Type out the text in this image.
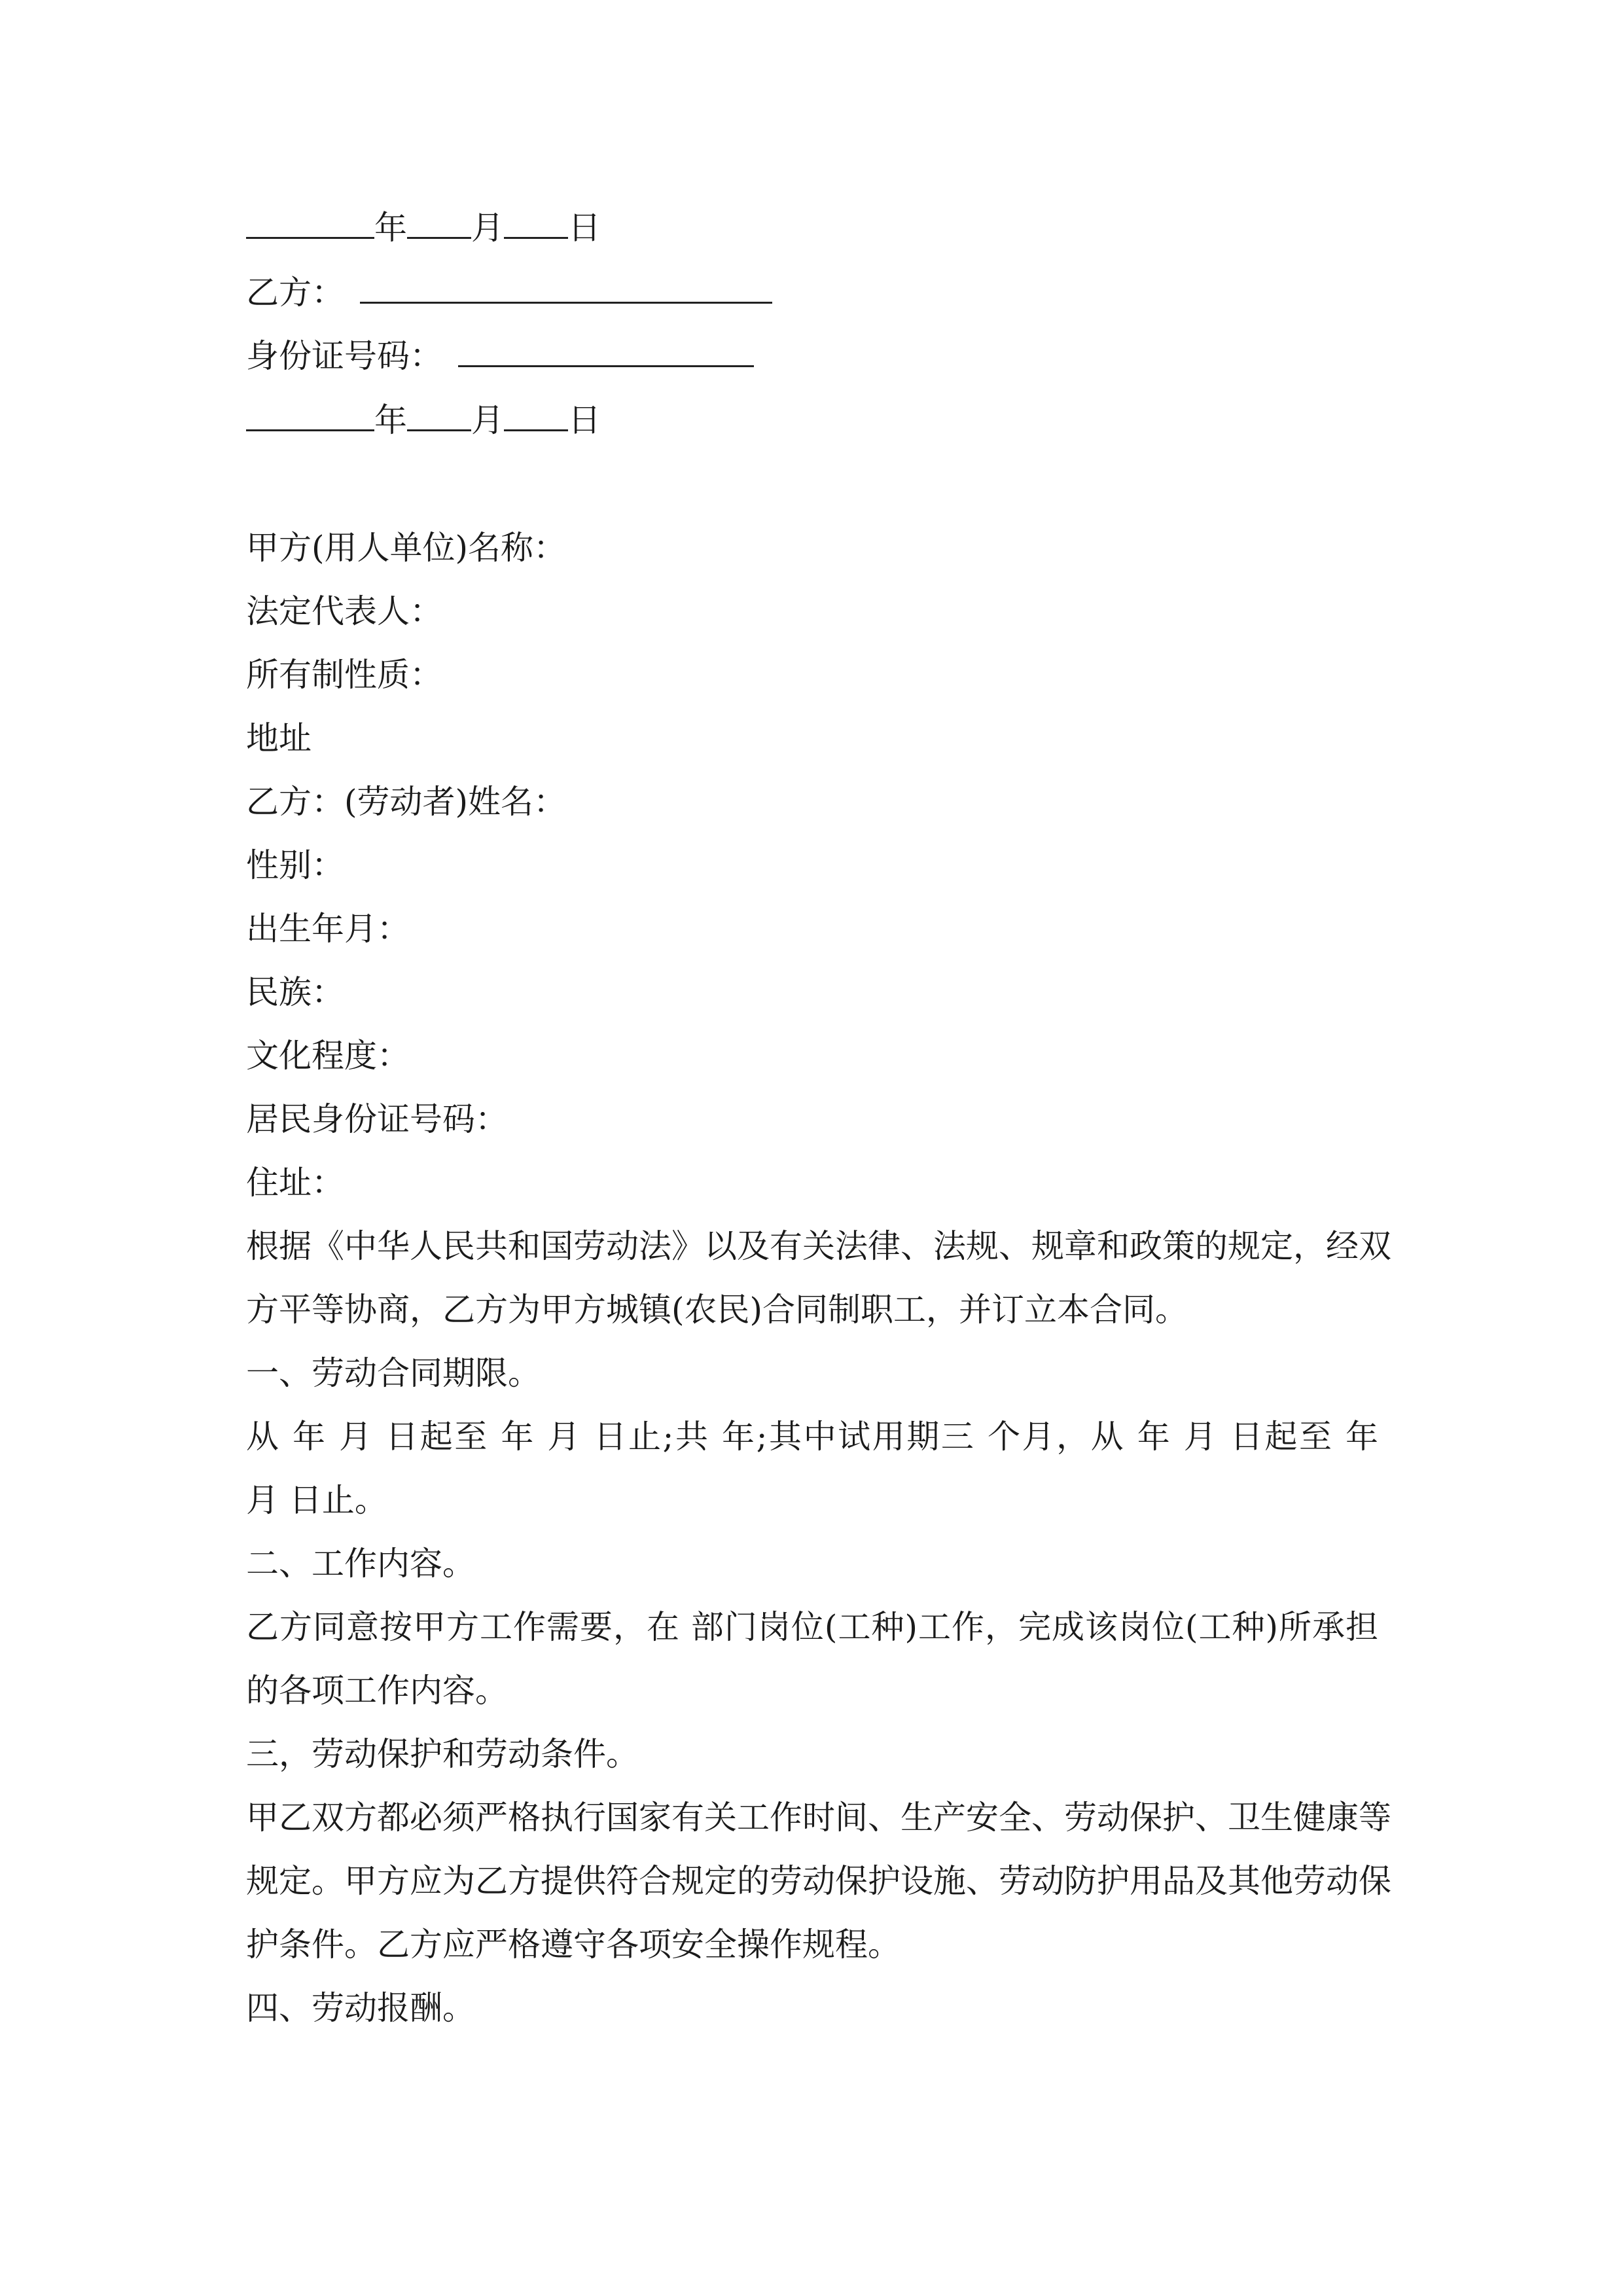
年 月 日

乙方：

身份证号码：

年 月 日

甲方(用人单位)名称：

法定代表人：

所有制性质：

地址

乙方：(劳动者)姓名：

性别：

出生年月：

民族：

文化程度：

居民身份证号码：

住址：

根据《中华人民共和国劳动法》以及有关法律、法规、规章和政策的规定，经双

方平等协商，乙方为甲方城镇(农民)合同制职工，并订立本合同。

一、劳动合同期限。

从 年 月 日起至 年 月 日止;共 年;其中试用期三 个月，从 年 月 日起至 年

月 日止。

二、工作内容。

乙方同意按甲方工作需要，在 部门岗位(工种)工作，完成该岗位(工种)所承担

的各项工作内容。

三，劳动保护和劳动条件。

甲乙双方都必须严格执行国家有关工作时间、生产安全、劳动保护、卫生健康等

规定。甲方应为乙方提供符合规定的劳动保护设施、劳动防护用品及其他劳动保

护条件。乙方应严格遵守各项安全操作规程。

四、劳动报酬。
